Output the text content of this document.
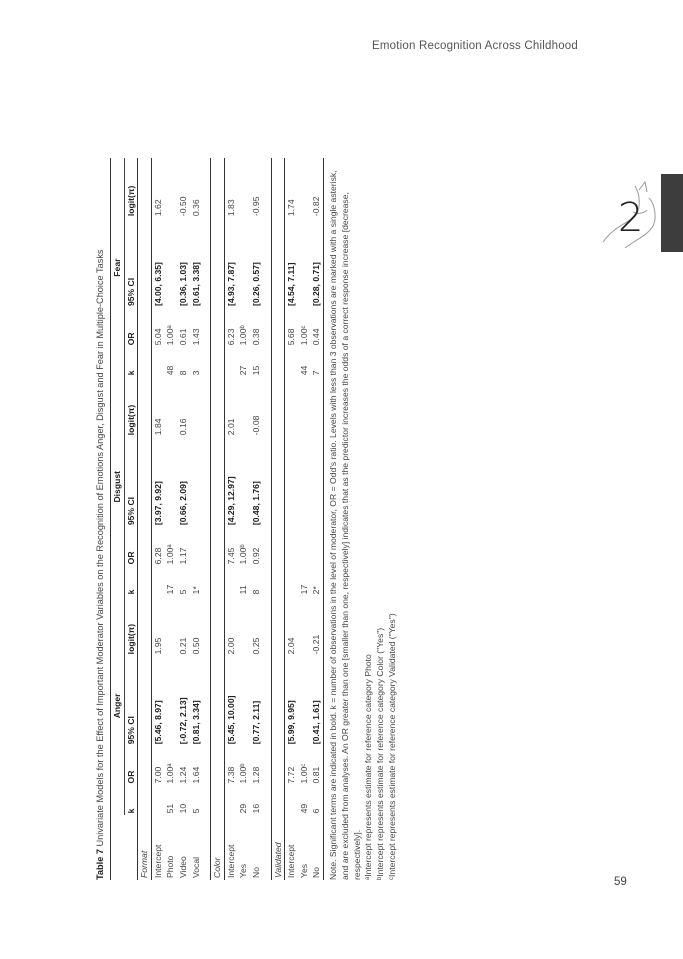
Emotion Recognition Across Childhood
2
59

Table 7 Univariate Models for the Effect of Important Moderator Variables on the Recognition of Emotions Anger, Disgust and Fear in Multiple-Choice Tasks

	Anger				Disgust				Fear			
	k	OR	95% CI	logit(π)	k	OR	95% CI	logit(π)	k	OR	95% CI	logit(π)
Format												
Intercept		7.00	[5.46, 8.97]	1.95		6.28	[3.97, 9.92]	1.84		5.04	[4.00, 6.35]	1.62
Photo	51	1.00ᵃ			17	1.00ᵃ			48	1.00ᵃ		
Video	10	1.24	[-0.72, 2.13]	0.21	5	1.17	[0.66, 2.09]	0.16	8	0.61	[0.36, 1.03]	-0.50
Vocal	5	1.64	[0.81, 3.34]	0.50	1*				3	1.43	[0.61, 3.38]	0.36

Color												
Intercept		7.38	[5.45, 10.00]	2.00		7.45	[4.29, 12.97]	2.01		6.23	[4.93, 7.87]	1.83
Yes	29	1.00ᵇ			11	1.00ᵇ			27	1.00ᵇ		
No	16	1.28	[0.77, 2.11]	0.25	8	0.92	[0.48, 1.76]	-0.08	15	0.38	[0.26, 0.57]	-0.95

Validated												
Intercept		7.72	[5.99, 9.95]	2.04						5.68	[4.54, 7.11]	1.74
Yes	49	1.00ᶜ			17				44	1.00ᶜ		
No	6	0.81	[0.41, 1.61]	-0.21	2*				7	0.44	[0.28, 0.71]	-0.82 Note. Significant terms are indicated in bold. k = number of observations in the level of moderator, OR = Odd's ratio. Levels with less than 3 observations are marked with a single asterisk, and are excluded from analyses. An OR greater than one [smaller than one, respectively] indicates that as the predictor increases the odds of a correct response increase [decrease, respectively]. ᵃIntercept represents estimate for reference category Photo ᵇIntercept represents estimate for reference category Color ("Yes") ᶜIntercept represents estimate for reference category Validated ("Yes")
